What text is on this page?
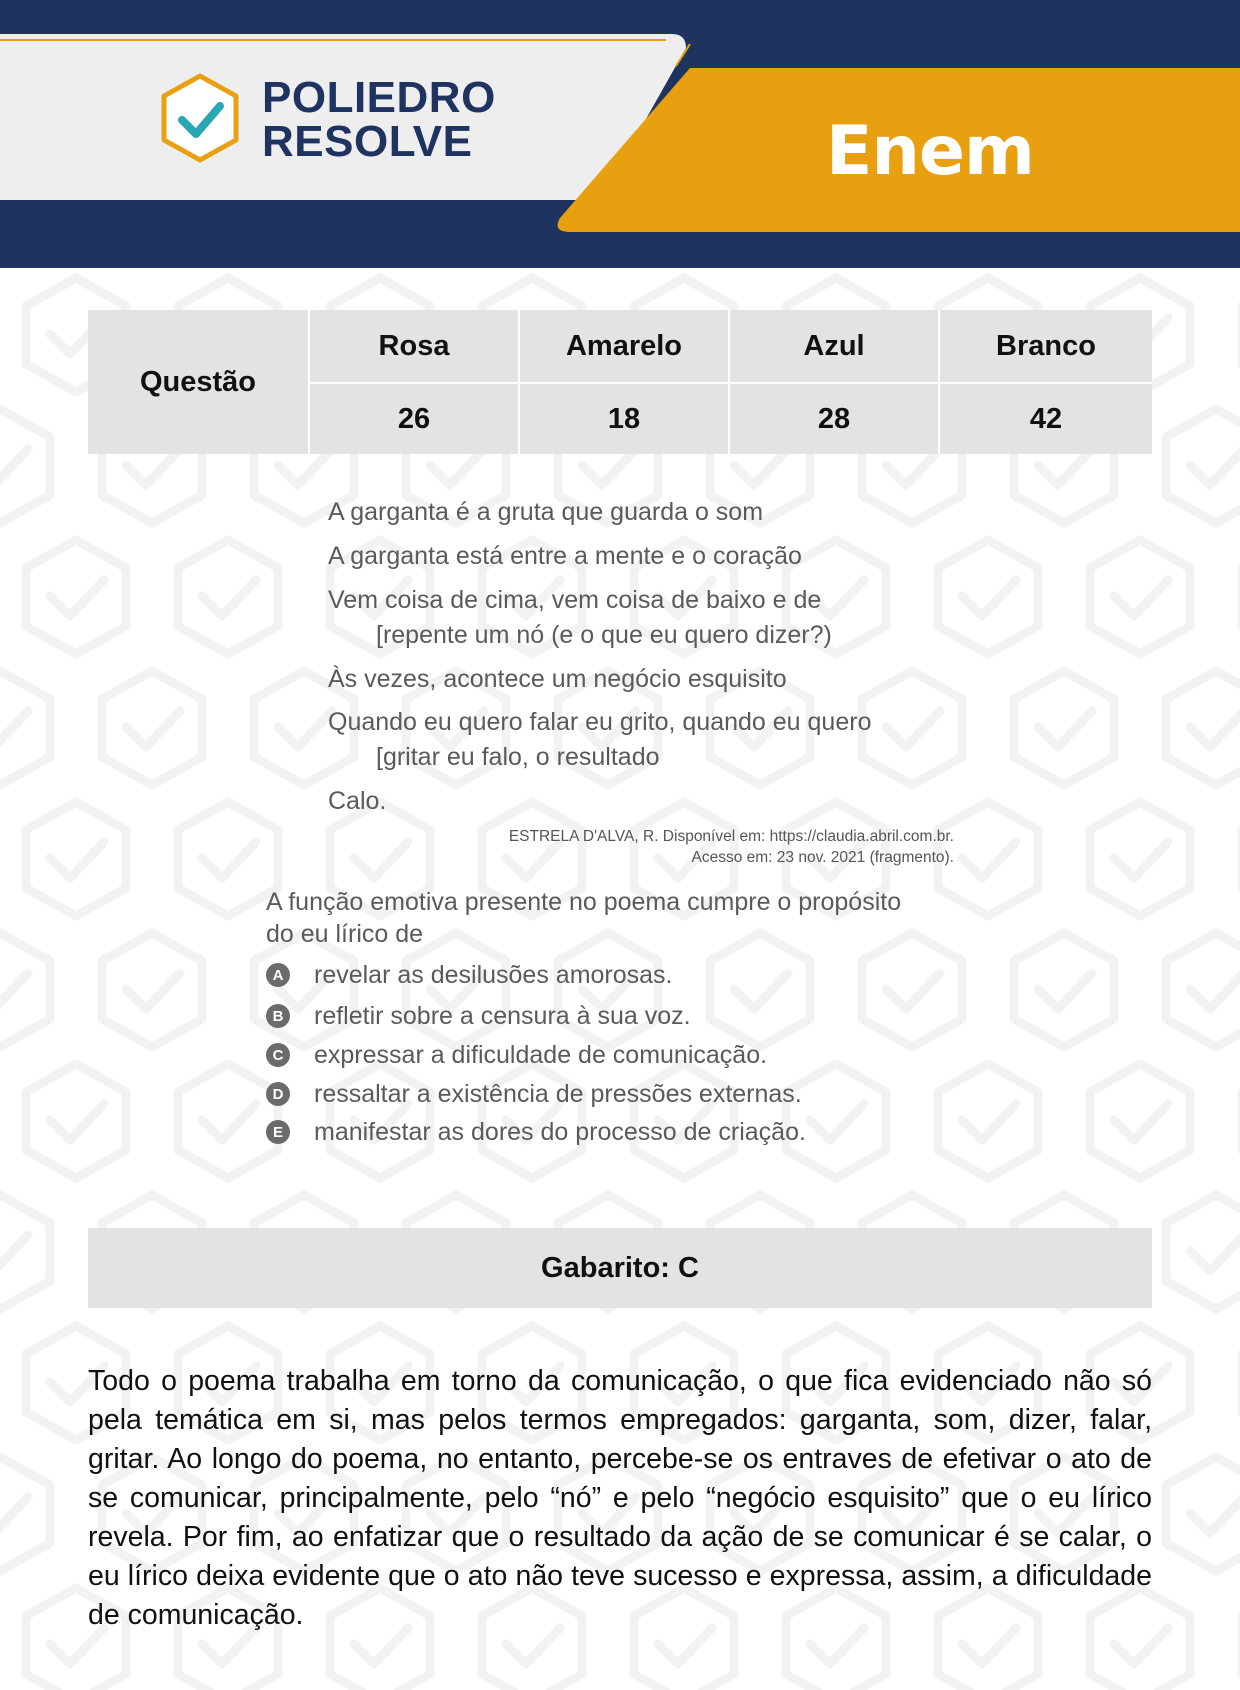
POLIEDRO
RESOLVE	Enem
Questão
Rosa	Amarelo	Azul	Branco
26	18	28	42
A garganta é a gruta que guarda o som
A garganta está entre a mente e o coração
Vem coisa de cima, vem coisa de baixo e de
[repente um nó (e o que eu quero dizer?)
Às vezes, acontece um negócio esquisito
Quando eu quero falar eu grito, quando eu quero
[gritar eu falo, o resultado
Calo.
ESTRELA D'ALVA, R. Disponível em: https://claudia.abril.com.br.
Acesso em: 23 nov. 2021 (fragmento).
A função emotiva presente no poema cumpre o propósito
do eu lírico de
A revelar as desilusões amorosas.
B refletir sobre a censura à sua voz.
C expressar a dificuldade de comunicação.
D ressaltar a existência de pressões externas.
E manifestar as dores do processo de criação.
Gabarito: C
Todo o poema trabalha em torno da comunicação, o que fica evidenciado não só pela temática em si, mas pelos termos empregados: garganta, som, dizer, falar, gritar. Ao longo do poema, no entanto, percebe-se os entraves de efetivar o ato de se comunicar, principalmente, pelo “nó” e pelo “negócio esquisito” que o eu lírico revela. Por fim, ao enfatizar que o resultado da ação de se comunicar é se calar, o eu lírico deixa evidente que o ato não teve sucesso e expressa, assim, a dificuldade de comunicação.
